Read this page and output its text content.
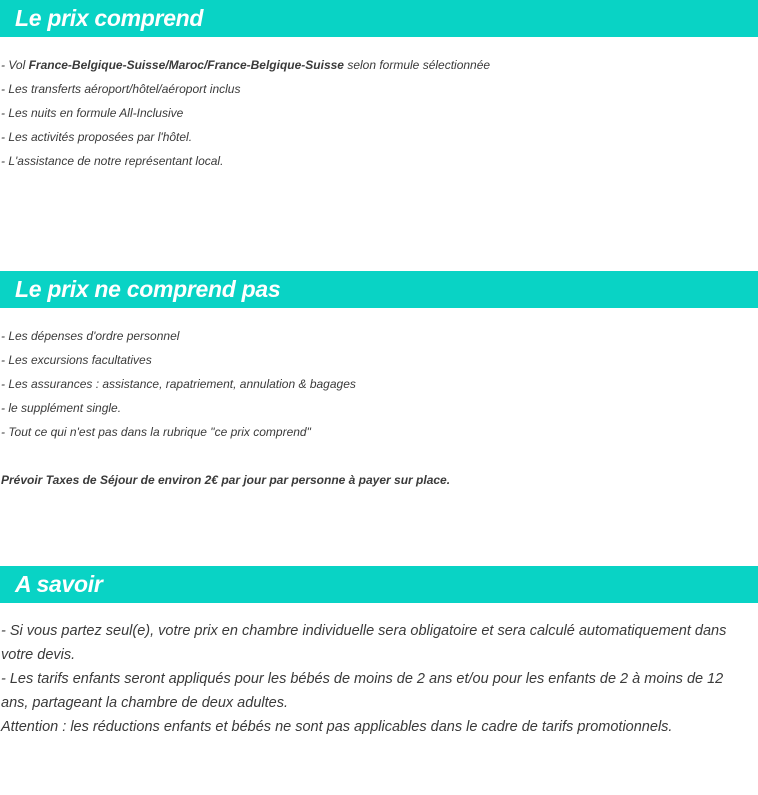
Le prix comprend
- Vol France-Belgique-Suisse/Maroc/France-Belgique-Suisse selon formule sélectionnée
- Les transferts aéroport/hôtel/aéroport inclus
- Les nuits en formule All-Inclusive
- Les activités proposées par l'hôtel.
- L'assistance de notre représentant local.
Le prix ne comprend pas
- Les dépenses d'ordre personnel
- Les excursions facultatives
- Les assurances : assistance, rapatriement, annulation & bagages
- le supplément single.
- Tout ce qui n'est pas dans la rubrique "ce prix comprend"
Prévoir Taxes de Séjour de environ 2€ par jour par personne à payer sur place.
A savoir
- Si vous partez seul(e), votre prix en chambre individuelle sera obligatoire et sera calculé automatiquement dans votre devis.
- Les tarifs enfants seront appliqués pour les bébés de moins de 2 ans et/ou pour les enfants de 2 à moins de 12 ans, partageant la chambre de deux adultes.
Attention : les réductions enfants et bébés ne sont pas applicables dans le cadre de tarifs promotionnels.
